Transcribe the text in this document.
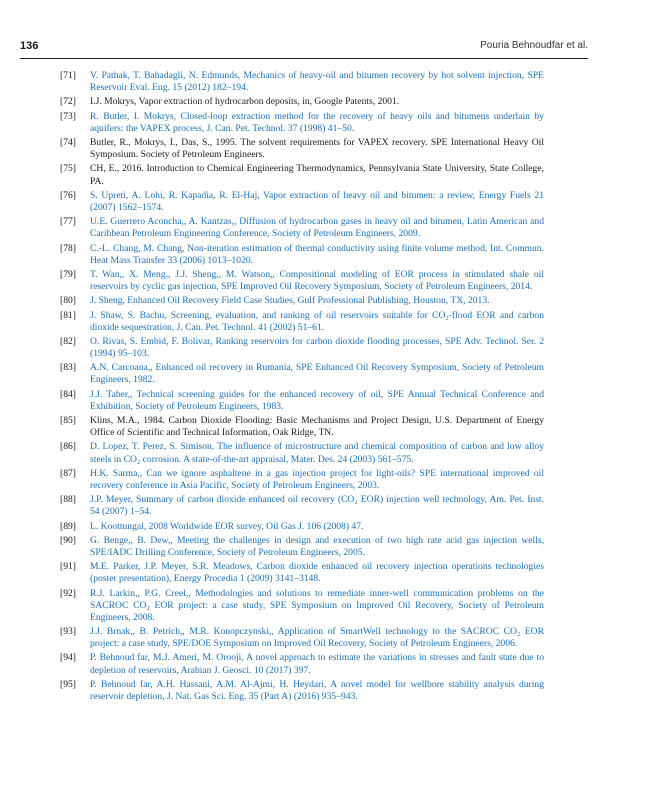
136	Pouria Behnoudfar et al.
[71] V. Pathak, T. Babadagli, N. Edmunds, Mechanics of heavy-oil and bitumen recovery by hot solvent injection, SPE Reservoir Eval. Eng. 15 (2012) 182–194.
[72] I.J. Mokrys, Vapor extraction of hydrocarbon deposits, in, Google Patents, 2001.
[73] R. Butler, I. Mokrys, Closed-loop extraction method for the recovery of heavy oils and bitumens underlain by aquifers: the VAPEX process, J. Can. Pet. Technol. 37 (1998) 41–50.
[74] Butler, R., Mokrys, I., Das, S., 1995. The solvent requirements for VAPEX recovery. SPE International Heavy Oil Symposium. Society of Petroleum Engineers.
[75] CH, E., 2016. Introduction to Chemical Engineering Thermodynamics, Pennsylvania State University, State College, PA.
[76] S. Upreti, A. Lohi, R. Kapadia, R. El-Haj, Vapor extraction of heavy oil and bitumen: a review, Energy Fuels 21 (2007) 1562–1574.
[77] U.E. Guerrero Aconcha,, A. Kantzas,, Diffusion of hydrocarbon gases in heavy oil and bitumen, Latin American and Caribbean Petroleum Engineering Conference, Society of Petroleum Engineers, 2009.
[78] C.-L. Chang, M. Chang, Non-iteration estimation of thermal conductivity using finite volume method, Int. Commun. Heat Mass Transfer 33 (2006) 1013–1020.
[79] T. Wan,, X. Meng,, J.J. Sheng,, M. Watson,, Compositional modeling of EOR process in stimulated shale oil reservoirs by cyclic gas injection, SPE Improved Oil Recovery Symposium, Society of Petroleum Engineers, 2014.
[80] J. Sheng, Enhanced Oil Recovery Field Case Studies, Gulf Professional Publishing, Houston, TX, 2013.
[81] J. Shaw, S. Bachu, Screening, evaluation, and ranking of oil reservoirs suitable for CO₂-flood EOR and carbon dioxide sequestration, J. Can. Pet. Technol. 41 (2002) 51–61.
[82] O. Rivas, S. Embid, F. Bolivar, Ranking reservoirs for carbon dioxide flooding processes, SPE Adv. Technol. Ser. 2 (1994) 95–103.
[83] A.N. Carcoana,, Enhanced oil recovery in Rumania, SPE Enhanced Oil Recovery Symposium, Society of Petroleum Engineers, 1982.
[84] J.J. Taber,, Technical screening guides for the enhanced recovery of oil, SPE Annual Technical Conference and Exhibition, Society of Petroleum Engineers, 1983.
[85] Klins, M.A., 1984. Carbon Dioxide Flooding: Basic Mechanisms and Project Design, U.S. Department of Energy Office of Scientific and Technical Information, Oak Ridge, TN.
[86] D. Lopez, T. Perez, S. Simison, The influence of microstructure and chemical composition of carbon and low alloy steels in CO₂ corrosion. A state-of-the-art appraisal, Mater. Des. 24 (2003) 561–575.
[87] H.K. Sarma,, Can we ignore asphaltene in a gas injection project for light-oils? SPE international improved oil recovery conference in Asia Pacific, Society of Petroleum Engineers, 2003.
[88] J.P. Meyer, Summary of carbon dioxide enhanced oil recovery (CO₂ EOR) injection well technology, Am. Pet. Inst. 54 (2007) 1–54.
[89] L. Koottungal, 2008 Worldwide EOR survey, Oil Gas J. 106 (2008) 47.
[90] G. Benge,, B. Dew,, Meeting the challenges in design and execution of two high rate acid gas injection wells, SPE/IADC Drilling Conference, Society of Petroleum Engineers, 2005.
[91] M.E. Parker, J.P. Meyer, S.R. Meadows, Carbon dioxide enhanced oil recovery injection operations technologies (poster presentation), Energy Procedia 1 (2009) 3141–3148.
[92] R.J. Larkin,, P.G. Creel,, Methodologies and solutions to remediate inner-well communication problems on the SACROC CO₂ EOR project: a case study, SPE Symposium on Improved Oil Recovery, Society of Petroleum Engineers, 2008.
[93] J.J. Brnak,, B. Petrich,, M.R. Konopczynski,, Application of SmartWell technology to the SACROC CO₂ EOR project: a case study, SPE/DOE Symposium on Improved Oil Recovery, Society of Petroleum Engineers, 2006.
[94] P. Behnoud far, M.J. Ameri, M. Orooji, A novel approach to estimate the variations in stresses and fault state due to depletion of reservoirs, Arabian J. Geosci. 10 (2017) 397.
[95] P. Behnoud far, A.H. Hassani, A.M. Al-Ajmi, H. Heydari, A novel model for wellbore stability analysis during reservoir depletion, J. Nat. Gas Sci. Eng. 35 (Part A) (2016) 935–943.
